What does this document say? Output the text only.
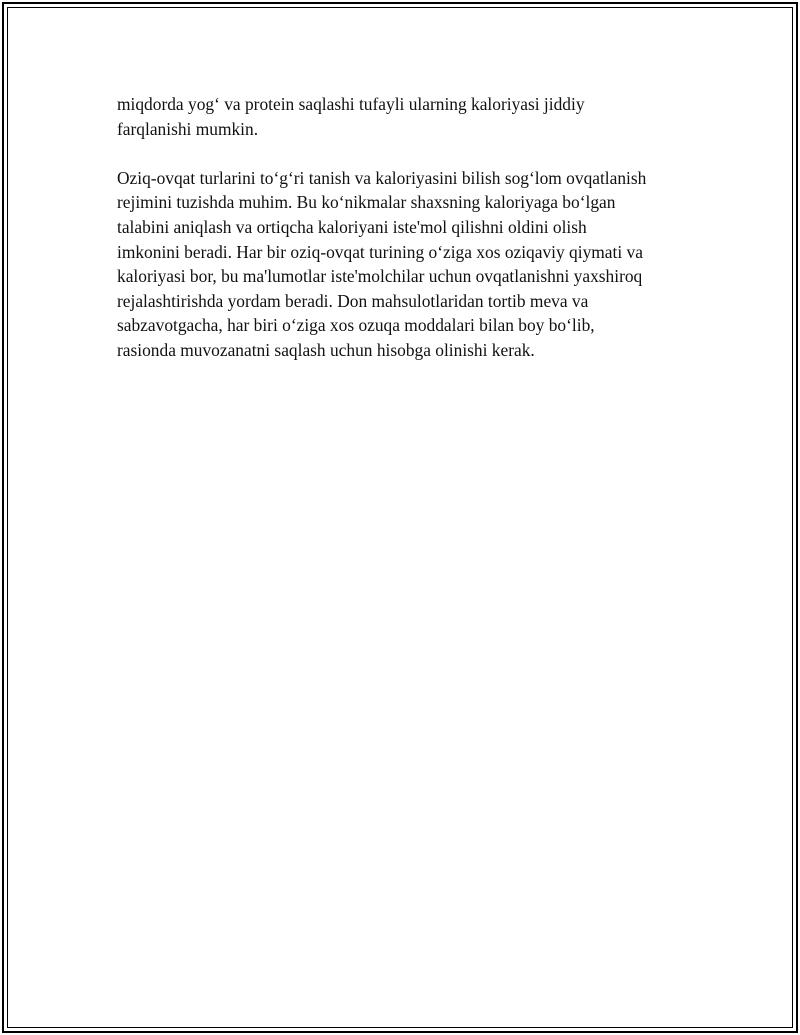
miqdorda yog‘ va protein saqlashi tufayli ularning kaloriyasi jiddiy
farqlanishi mumkin.

Oziq-ovqat turlarini to‘g‘ri tanish va kaloriyasini bilish sog‘lom ovqatlanish
rejimini tuzishda muhim. Bu ko‘nikmalar shaxsning kaloriyaga bo‘lgan
talabini aniqlash va ortiqcha kaloriyani iste'mol qilishni oldini olish
imkonini beradi. Har bir oziq-ovqat turining o‘ziga xos oziqaviy qiymati va
kaloriyasi bor, bu ma'lumotlar iste'molchilar uchun ovqatlanishni yaxshiroq
rejalashtirishda yordam beradi. Don mahsulotlaridan tortib meva va
sabzavotgacha, har biri o‘ziga xos ozuqa moddalari bilan boy bo‘lib,
rasionda muvozanatni saqlash uchun hisobga olinishi kerak.
